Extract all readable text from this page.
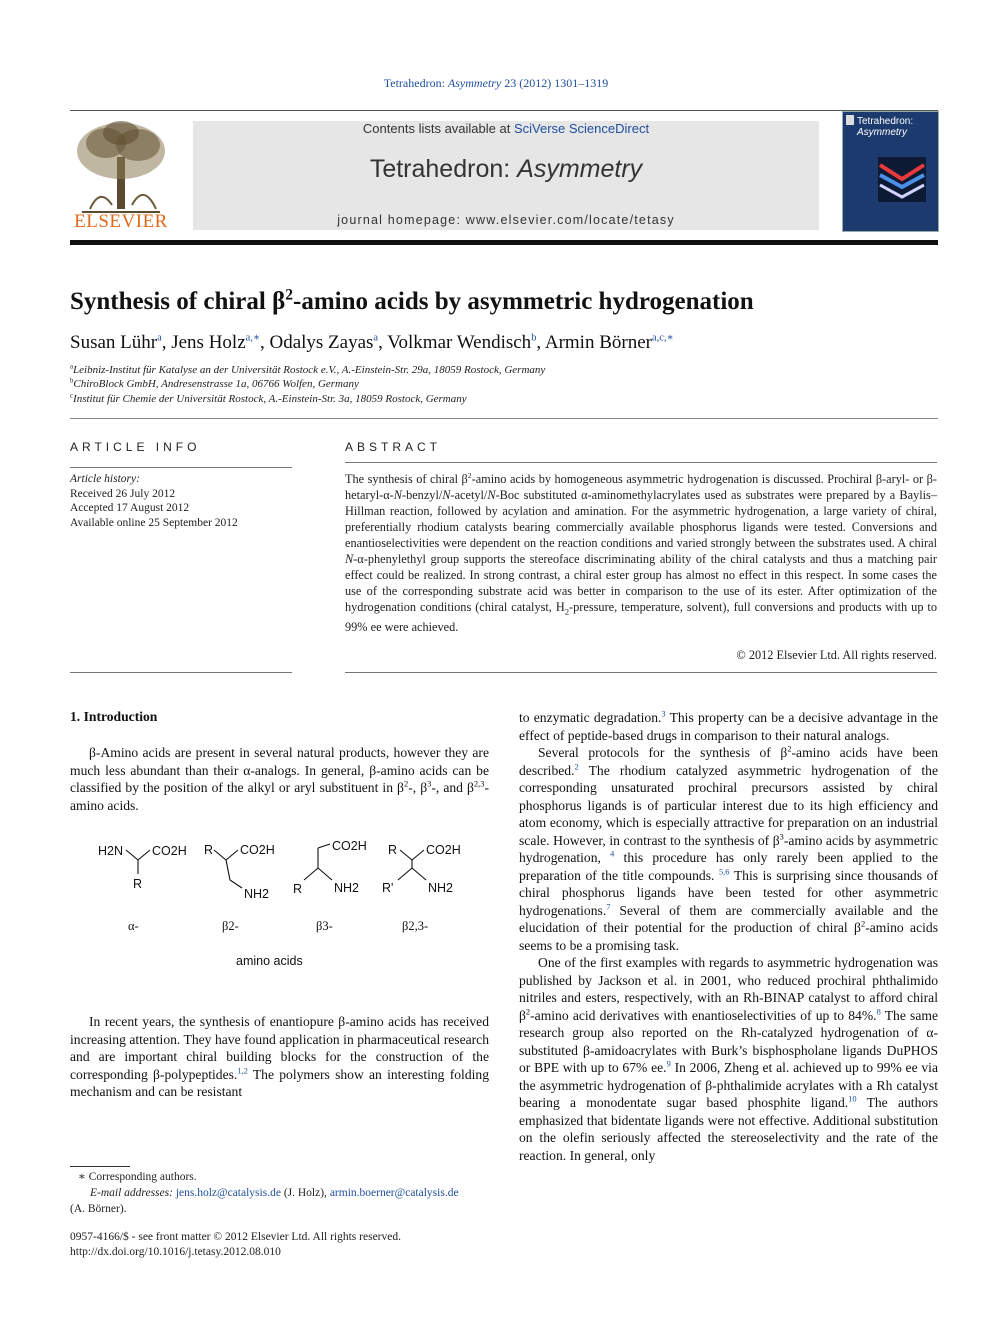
Tetrahedron: Asymmetry 23 (2012) 1301–1319
ELSEVIER
Contents lists available at SciVerse ScienceDirect
Tetrahedron: Asymmetry
journal homepage: www.elsevier.com/locate/tetasy
Tetrahedron:
Asymmetry
Synthesis of chiral $\beta^2$-amino acids by asymmetric hydrogenation
Susan Lühr$^a$, Jens Holz$^{a,∗}$, Odalys Zayas$^a$, Volkmar Wendisch$^b$, Armin Börner$^{a,c,∗}$
$^a$Leibniz-Institut für Katalyse an der Universität Rostock e.V., A.-Einstein-Str. 29a, 18059 Rostock, Germany
$^b$ChiroBlock GmbH, Andresenstrasse 1a, 06766 Wolfen, Germany
$^c$Institut für Chemie der Universität Rostock, A.-Einstein-Str. 3a, 18059 Rostock, Germany
ARTICLE INFO
Article history:
Received 26 July 2012
Accepted 17 August 2012
Available online 25 September 2012
ABSTRACT
The synthesis of chiral $\beta^2$-amino acids by homogeneous asymmetric hydrogenation is discussed. Prochiral β-aryl- or β-hetaryl-α-N-benzyl/N-acetyl/N-Boc substituted α-aminomethylacrylates used as substrates were prepared by a Baylis–Hillman reaction, followed by acylation and amination. For the asymmetric hydrogenation, a large variety of chiral, preferentially rhodium catalysts bearing commercially available phosphorus ligands were tested. Conversions and enantioselectivities were dependent on the reaction conditions and varied strongly between the substrates used. A chiral N-α-phenylethyl group supports the stereoface discriminating ability of the chiral catalysts and thus a matching pair effect could be realized. In strong contrast, a chiral ester group has almost no effect in this respect. In some cases the use of the corresponding substrate acid was better in comparison to the use of its ester. After optimization of the hydrogenation conditions (chiral catalyst, $H_2$-pressure, temperature, solvent), full conversions and products with up to 99% ee were achieved.
© 2012 Elsevier Ltd. All rights reserved.
1. Introduction

β-Amino acids are present in several natural products, however they are much less abundant than their α-analogs. In general, β-amino acids can be classified by the position of the alkyl or aryl substituent in $\beta^2-$, $\beta^3-$, and $\beta^{2,3}$-amino acids.

H2N CO2H
R
R CO2H
NH2
CO2H
R	NH2
R CO2H
R'	NH2
α-	β2-	β3-	β2,3-
amino acids

In recent years, the synthesis of enantiopure β-amino acids has received increasing attention. They have found application in pharmaceutical research and are important chiral building blocks for the construction of the corresponding β-polypeptides.$^{1,2}$ The polymers show an interesting folding mechanism and can be resistant

∗ Corresponding authors.
E-mail addresses: jens.holz@catalysis.de (J. Holz), armin.boerner@catalysis.de
(A. Börner).
0957-4166/$ - see front matter © 2012 Elsevier Ltd. All rights reserved.
http://dx.doi.org/10.1016/j.tetasy.2012.08.010

to enzymatic degradation.$^3$ This property can be a decisive advantage in the effect of peptide-based drugs in comparison to their natural analogs.

Several protocols for the synthesis of $\beta^2$-amino acids have been described.$^2$ The rhodium catalyzed asymmetric hydrogenation of the corresponding unsaturated prochiral precursors assisted by chiral phosphorus ligands is of particular interest due to its high efficiency and atom economy, which is especially attractive for preparation on an industrial scale. However, in contrast to the synthesis of $\beta^3$-amino acids by asymmetric hydrogenation, $^4$ this procedure has only rarely been applied to the preparation of the title compounds. $^{5,6}$ This is surprising since thousands of chiral phosphorus ligands have been tested for other asymmetric hydrogenations.$^7$ Several of them are commercially available and the elucidation of their potential for the production of chiral $\beta^2$-amino acids seems to be a promising task.

One of the first examples with regards to asymmetric hydrogenation was published by Jackson et al. in 2001, who reduced prochiral phthalimido nitriles and esters, respectively, with an Rh-BINAP catalyst to afford chiral $\beta^2$-amino acid derivatives with enantioselectivities of up to 84%.$^8$ The same research group also reported on the Rh-catalyzed hydrogenation of α-substituted β-amidoacrylates with Burk’s bisphospholane ligands DuPHOS or BPE with up to 67% ee.$^9$ In 2006, Zheng et al. achieved up to 99% ee via the asymmetric hydrogenation of β-phthalimide acrylates with a Rh catalyst bearing a monodentate sugar based phosphite ligand.$^{10}$ The authors emphasized that bidentate ligands were not effective. Additional substitution on the olefin seriously affected the stereoselectivity and the rate of the reaction. In general, only
